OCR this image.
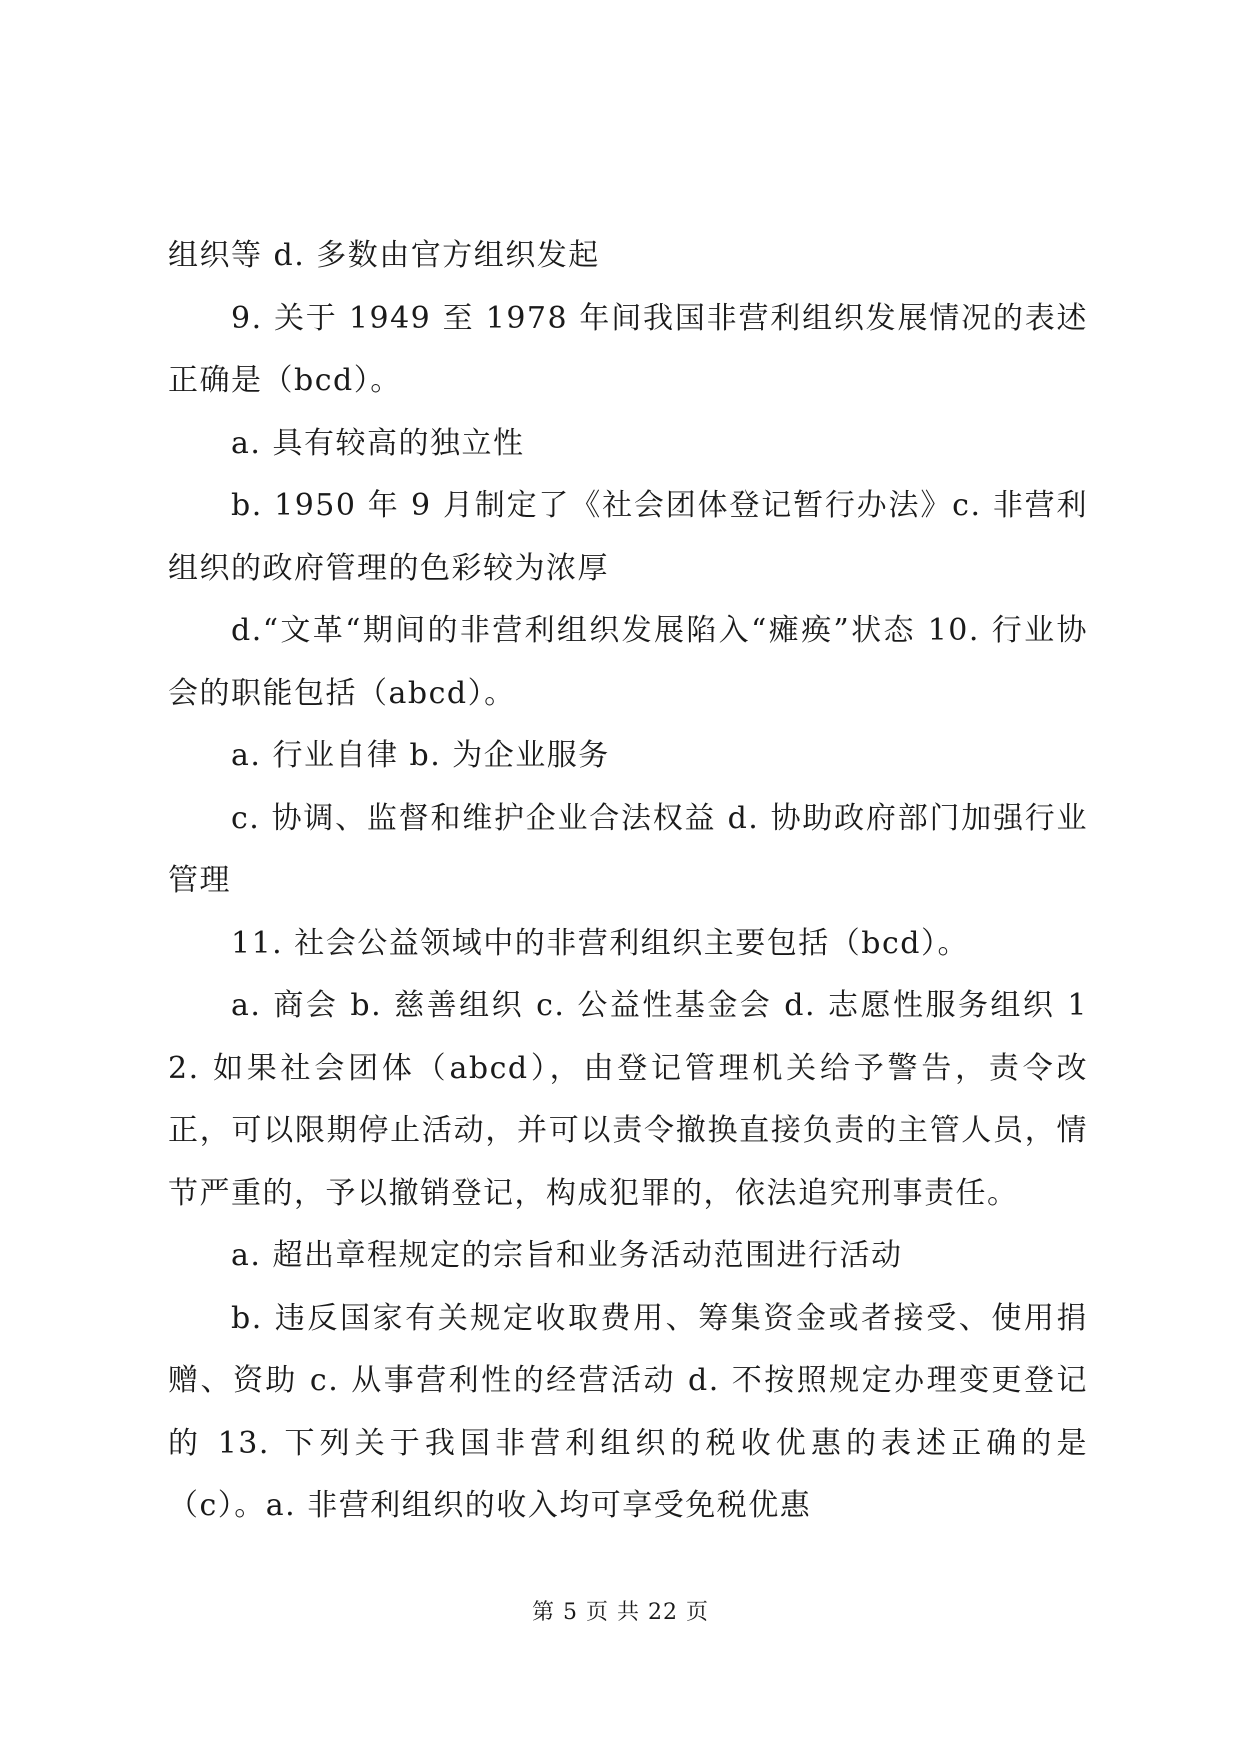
组织等 d. 多数由官方组织发起

9. 关于 1949 至 1978 年间我国非营利组织发展情况的表述正确是（bcd）。

a. 具有较高的独立性

b. 1950 年 9 月制定了《社会团体登记暂行办法》c. 非营利组织的政府管理的色彩较为浓厚

d.“文革“期间的非营利组织发展陷入“瘫痪”状态 10. 行业协会的职能包括（abcd）。

a. 行业自律 b. 为企业服务

c. 协调、监督和维护企业合法权益 d. 协助政府部门加强行业管理

11. 社会公益领域中的非营利组织主要包括（bcd）。

a. 商会 b. 慈善组织 c. 公益性基金会 d. 志愿性服务组织 12. 如果社会团体（abcd），由登记管理机关给予警告，责令改正，可以限期停止活动，并可以责令撤换直接负责的主管人员，情节严重的，予以撤销登记，构成犯罪的，依法追究刑事责任。

a. 超出章程规定的宗旨和业务活动范围进行活动

b. 违反国家有关规定收取费用、筹集资金或者接受、使用捐赠、资助 c. 从事营利性的经营活动 d. 不按照规定办理变更登记的 13. 下列关于我国非营利组织的税收优惠的表述正确的是（c）。a. 非营利组织的收入均可享受免税优惠

第 5 页 共 22 页
